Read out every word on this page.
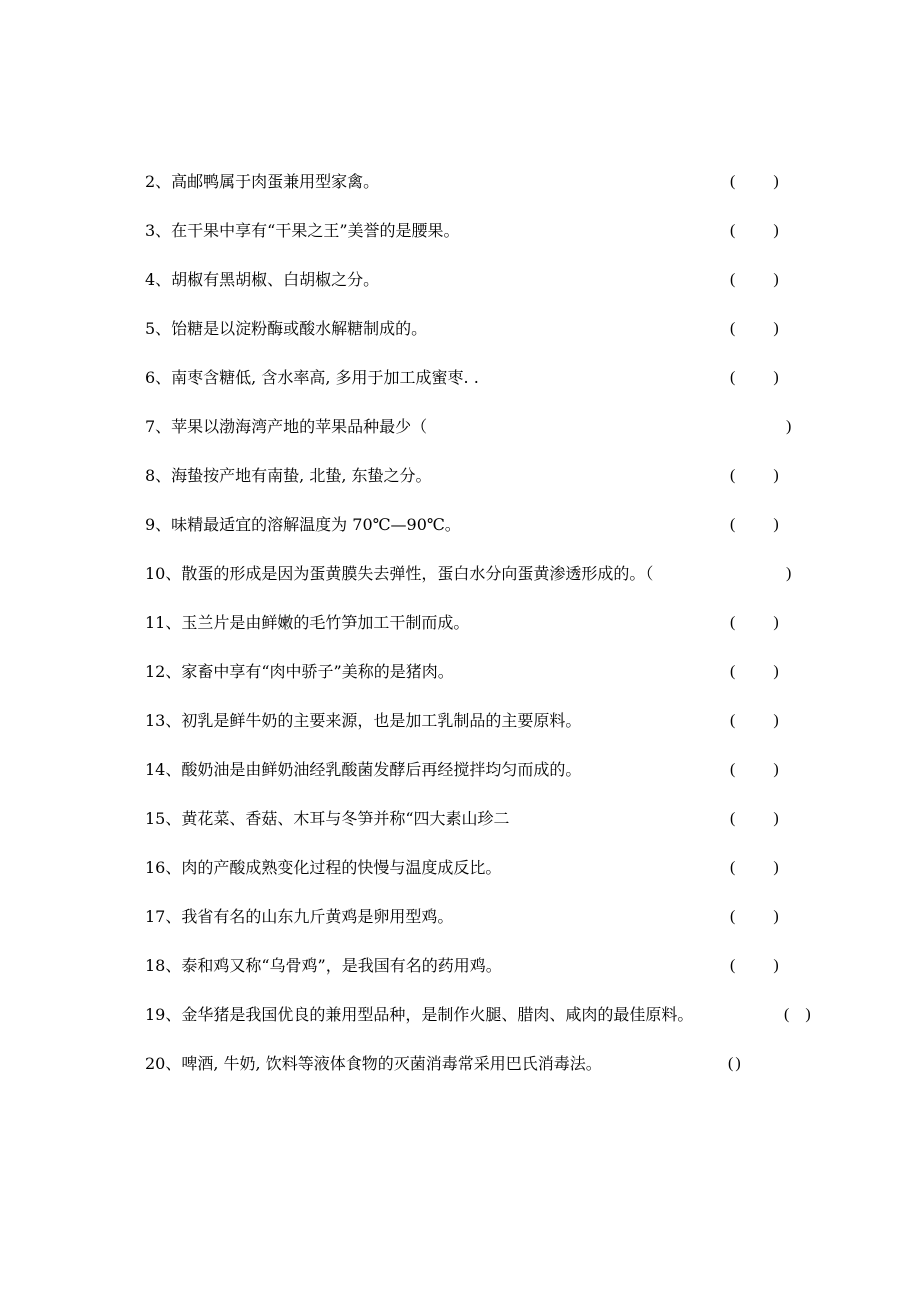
2、高邮鸭属于肉蛋兼用型家禽。	( )
3、在干果中享有“干果之王”美誉的是腰果。	( )
4、胡椒有黑胡椒、白胡椒之分。	( )
5、饴糖是以淀粉酶或酸水解糖制成的。	( )
6、南枣含糖低, 含水率高, 多用于加工成蜜枣. .	( )
7、苹果以渤海湾产地的苹果品种最少（	)
8、海蛰按产地有南蛰, 北蛰, 东蛰之分。	( )
9、味精最适宜的溶解温度为 70℃—90℃。	( )
10、散蛋的形成是因为蛋黄膜失去弹性，蛋白水分向蛋黄渗透形成的。（	)
11、玉兰片是由鲜嫩的毛竹笋加工干制而成。	( )
12、家畜中享有“肉中骄子”美称的是猪肉。	( )
13、初乳是鲜牛奶的主要来源，也是加工乳制品的主要原料。	( )
14、酸奶油是由鲜奶油经乳酸菌发酵后再经搅拌均匀而成的。	( )
15、黄花菜、香菇、木耳与冬笋并称“四大素山珍二	( )
16、肉的产酸成熟变化过程的快慢与温度成反比。	( )
17、我省有名的山东九斤黄鸡是卵用型鸡。	( )
18、泰和鸡又称“乌骨鸡”，是我国有名的药用鸡。	( )
19、金华猪是我国优良的兼用型品种，是制作火腿、腊肉、咸肉的最佳原料。	( )
20、啤酒, 牛奶, 饮料等液体食物的灭菌消毒常采用巴氏消毒法。	( )
